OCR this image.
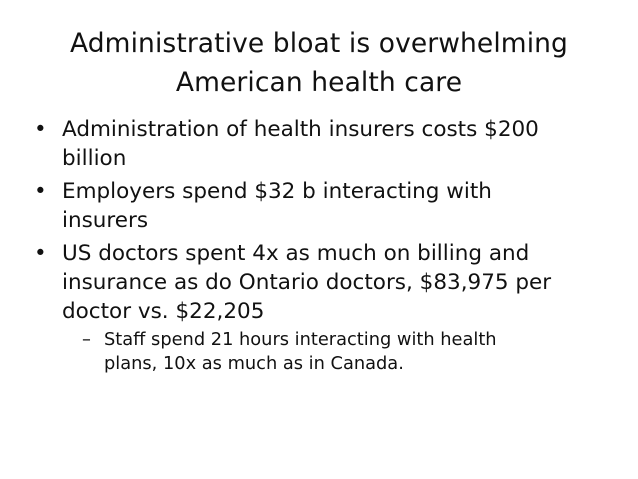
Administrative bloat is overwhelming
American health care
• Administration of health insurers costs $200
billion
• Employers spend $32 b interacting with
insurers
• US doctors spent 4x as much on billing and
insurance as do Ontario doctors, $83,975 per
doctor vs. $22,205
– Staff spend 21 hours interacting with health
plans, 10x as much as in Canada.
